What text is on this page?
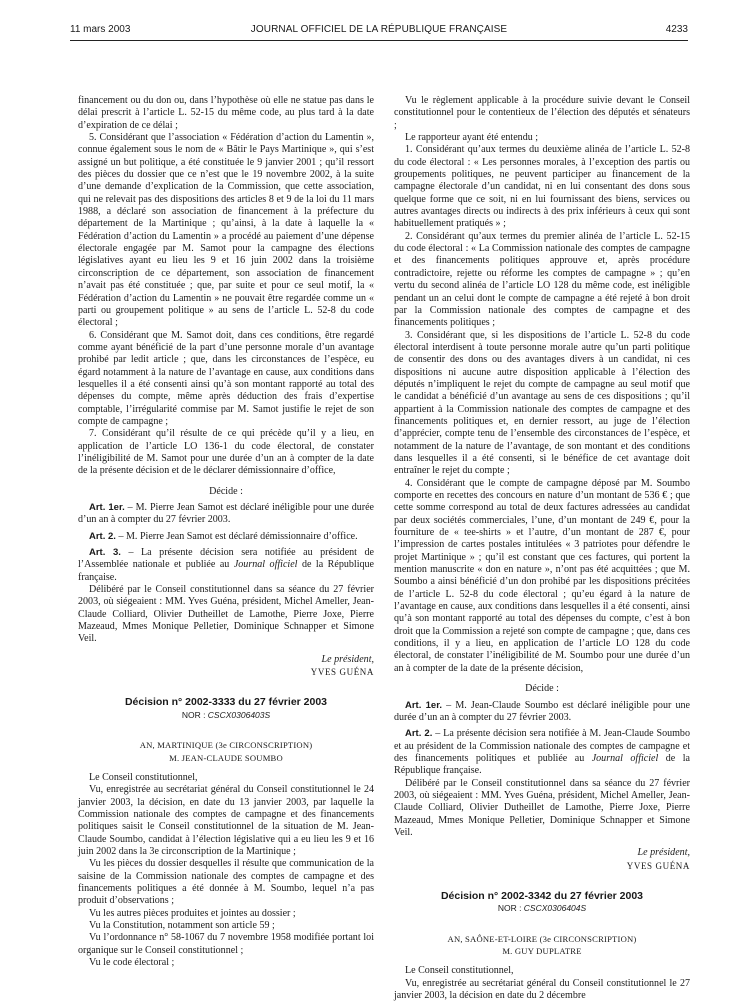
11 mars 2003	JOURNAL OFFICIEL DE LA RÉPUBLIQUE FRANÇAISE	4233

financement ou du don ou, dans l’hypothèse où elle ne statue pas dans le délai prescrit à l’article L. 52-15 du même code, au plus tard à la date d’expiration de ce délai ;

5. Considérant que l’association « Fédération d’action du Lamentin », connue également sous le nom de « Bâtir le Pays Martinique », qui s’est assigné un but politique, a été constituée le 9 janvier 2001 ; qu’il ressort des pièces du dossier que ce n’est que le 19 novembre 2002, à la suite d’une demande d’explication de la Commission, que cette association, qui ne relevait pas des dispositions des articles 8 et 9 de la loi du 11 mars 1988, a déclaré son association de financement à la préfecture du département de la Martinique ; qu’ainsi, à la date à laquelle la « Fédération d’action du Lamentin » a procédé au paiement d’une dépense électorale engagée par M. Samot pour la campagne des élections législatives ayant eu lieu les 9 et 16 juin 2002 dans la troisième circonscription de ce département, son association de financement n’avait pas été constituée ; que, par suite et pour ce seul motif, la « Fédération d’action du Lamentin » ne pouvait être regardée comme un « parti ou groupement politique » au sens de l’article L. 52-8 du code électoral ;

6. Considérant que M. Samot doit, dans ces conditions, être regardé comme ayant bénéficié de la part d’une personne morale d’un avantage prohibé par ledit article ; que, dans les circonstances de l’espèce, eu égard notamment à la nature de l’avantage en cause, aux conditions dans lesquelles il a été consenti ainsi qu’à son montant rapporté au total des dépenses du compte, même après déduction des frais d’expertise comptable, l’irrégularité commise par M. Samot justifie le rejet de son compte de campagne ;

7. Considérant qu’il résulte de ce qui précède qu’il y a lieu, en application de l’article LO 136-1 du code électoral, de constater l’inéligibilité de M. Samot pour une durée d’un an à compter de la date de la présente décision et de le déclarer démissionnaire d’office,

Décide :

Art. 1er. – M. Pierre Jean Samot est déclaré inéligible pour une durée d’un an à compter du 27 février 2003.

Art. 2. – M. Pierre Jean Samot est déclaré démissionnaire d’office.

Art. 3. – La présente décision sera notifiée au président de l’Assemblée nationale et publiée au Journal officiel de la République française.

Délibéré par le Conseil constitutionnel dans sa séance du 27 février 2003, où siégeaient : MM. Yves Guéna, président, Michel Ameller, Jean-Claude Colliard, Olivier Dutheillet de Lamothe, Pierre Joxe, Pierre Mazeaud, Mmes Monique Pelletier, Dominique Schnapper et Simone Veil.

Le président,

YVES GUÉNA

Décision n° 2002-3333 du 27 février 2003

NOR : CSCX0306403S

AN, MARTINIQUE (3e CIRCONSCRIPTION)

M. JEAN-CLAUDE SOUMBO

Le Conseil constitutionnel,

Vu, enregistrée au secrétariat général du Conseil constitutionnel le 24 janvier 2003, la décision, en date du 13 janvier 2003, par laquelle la Commission nationale des comptes de campagne et des financements politiques saisit le Conseil constitutionnel de la situation de M. Jean-Claude Soumbo, candidat à l’élection législative qui a eu lieu les 9 et 16 juin 2002 dans la 3e circonscription de la Martinique ;

Vu les pièces du dossier desquelles il résulte que communication de la saisine de la Commission nationale des comptes de campagne et des financements politiques a été donnée à M. Soumbo, lequel n’a pas produit d’observations ;

Vu les autres pièces produites et jointes au dossier ;

Vu la Constitution, notamment son article 59 ;

Vu l’ordonnance n° 58-1067 du 7 novembre 1958 modifiée portant loi organique sur le Conseil constitutionnel ;

Vu le code électoral ;

Vu le règlement applicable à la procédure suivie devant le Conseil constitutionnel pour le contentieux de l’élection des députés et sénateurs ;

Le rapporteur ayant été entendu ;

1. Considérant qu’aux termes du deuxième alinéa de l’article L. 52-8 du code électoral : « Les personnes morales, à l’exception des partis ou groupements politiques, ne peuvent participer au financement de la campagne électorale d’un candidat, ni en lui consentant des dons sous quelque forme que ce soit, ni en lui fournissant des biens, services ou autres avantages directs ou indirects à des prix inférieurs à ceux qui sont habituellement pratiqués » ;

2. Considérant qu’aux termes du premier alinéa de l’article L. 52-15 du code électoral : « La Commission nationale des comptes de campagne et des financements politiques approuve et, après procédure contradictoire, rejette ou réforme les comptes de campagne » ; qu’en vertu du second alinéa de l’article LO 128 du même code, est inéligible pendant un an celui dont le compte de campagne a été rejeté à bon droit par la Commission nationale des comptes de campagne et des financements politiques ;

3. Considérant que, si les dispositions de l’article L. 52-8 du code électoral interdisent à toute personne morale autre qu’un parti politique de consentir des dons ou des avantages divers à un candidat, ni ces dispositions ni aucune autre disposition applicable à l’élection des députés n’impliquent le rejet du compte de campagne au seul motif que le candidat a bénéficié d’un avantage au sens de ces dispositions ; qu’il appartient à la Commission nationale des comptes de campagne et des financements politiques et, en dernier ressort, au juge de l’élection d’apprécier, compte tenu de l’ensemble des circonstances de l’espèce, et notamment de la nature de l’avantage, de son montant et des conditions dans lesquelles il a été consenti, si le bénéfice de cet avantage doit entraîner le rejet du compte ;

4. Considérant que le compte de campagne déposé par M. Soumbo comporte en recettes des concours en nature d’un montant de 536 € ; que cette somme correspond au total de deux factures adressées au candidat par deux sociétés commerciales, l’une, d’un montant de 249 €, pour la fourniture de « tee-shirts » et l’autre, d’un montant de 287 €, pour l’impression de cartes postales intitulées « 3 patriotes pour défendre le projet Martinique » ; qu’il est constant que ces factures, qui portent la mention manuscrite « don en nature », n’ont pas été acquittées ; que M. Soumbo a ainsi bénéficié d’un don prohibé par les dispositions précitées de l’article L. 52-8 du code électoral ; qu’eu égard à la nature de l’avantage en cause, aux conditions dans lesquelles il a été consenti, ainsi qu’à son montant rapporté au total des dépenses du compte, c’est à bon droit que la Commission a rejeté son compte de campagne ; que, dans ces conditions, il y a lieu, en application de l’article LO 128 du code électoral, de constater l’inéligibilité de M. Soumbo pour une durée d’un an à compter de la date de la présente décision,

Décide :

Art. 1er. – M. Jean-Claude Soumbo est déclaré inéligible pour une durée d’un an à compter du 27 février 2003.

Art. 2. – La présente décision sera notifiée à M. Jean-Claude Soumbo et au président de la Commission nationale des comptes de campagne et des financements politiques et publiée au Journal officiel de la République française.

Délibéré par le Conseil constitutionnel dans sa séance du 27 février 2003, où siégeaient : MM. Yves Guéna, président, Michel Ameller, Jean-Claude Colliard, Olivier Dutheillet de Lamothe, Pierre Joxe, Pierre Mazeaud, Mmes Monique Pelletier, Dominique Schnapper et Simone Veil.

Le président,

YVES GUÉNA

Décision n° 2002-3342 du 27 février 2003

NOR : CSCX0306404S

AN, SAÔNE-ET-LOIRE (3e CIRCONSCRIPTION)

M. GUY DUPLATRE

Le Conseil constitutionnel,

Vu, enregistrée au secrétariat général du Conseil constitutionnel le 27 janvier 2003, la décision en date du 2 décembre
